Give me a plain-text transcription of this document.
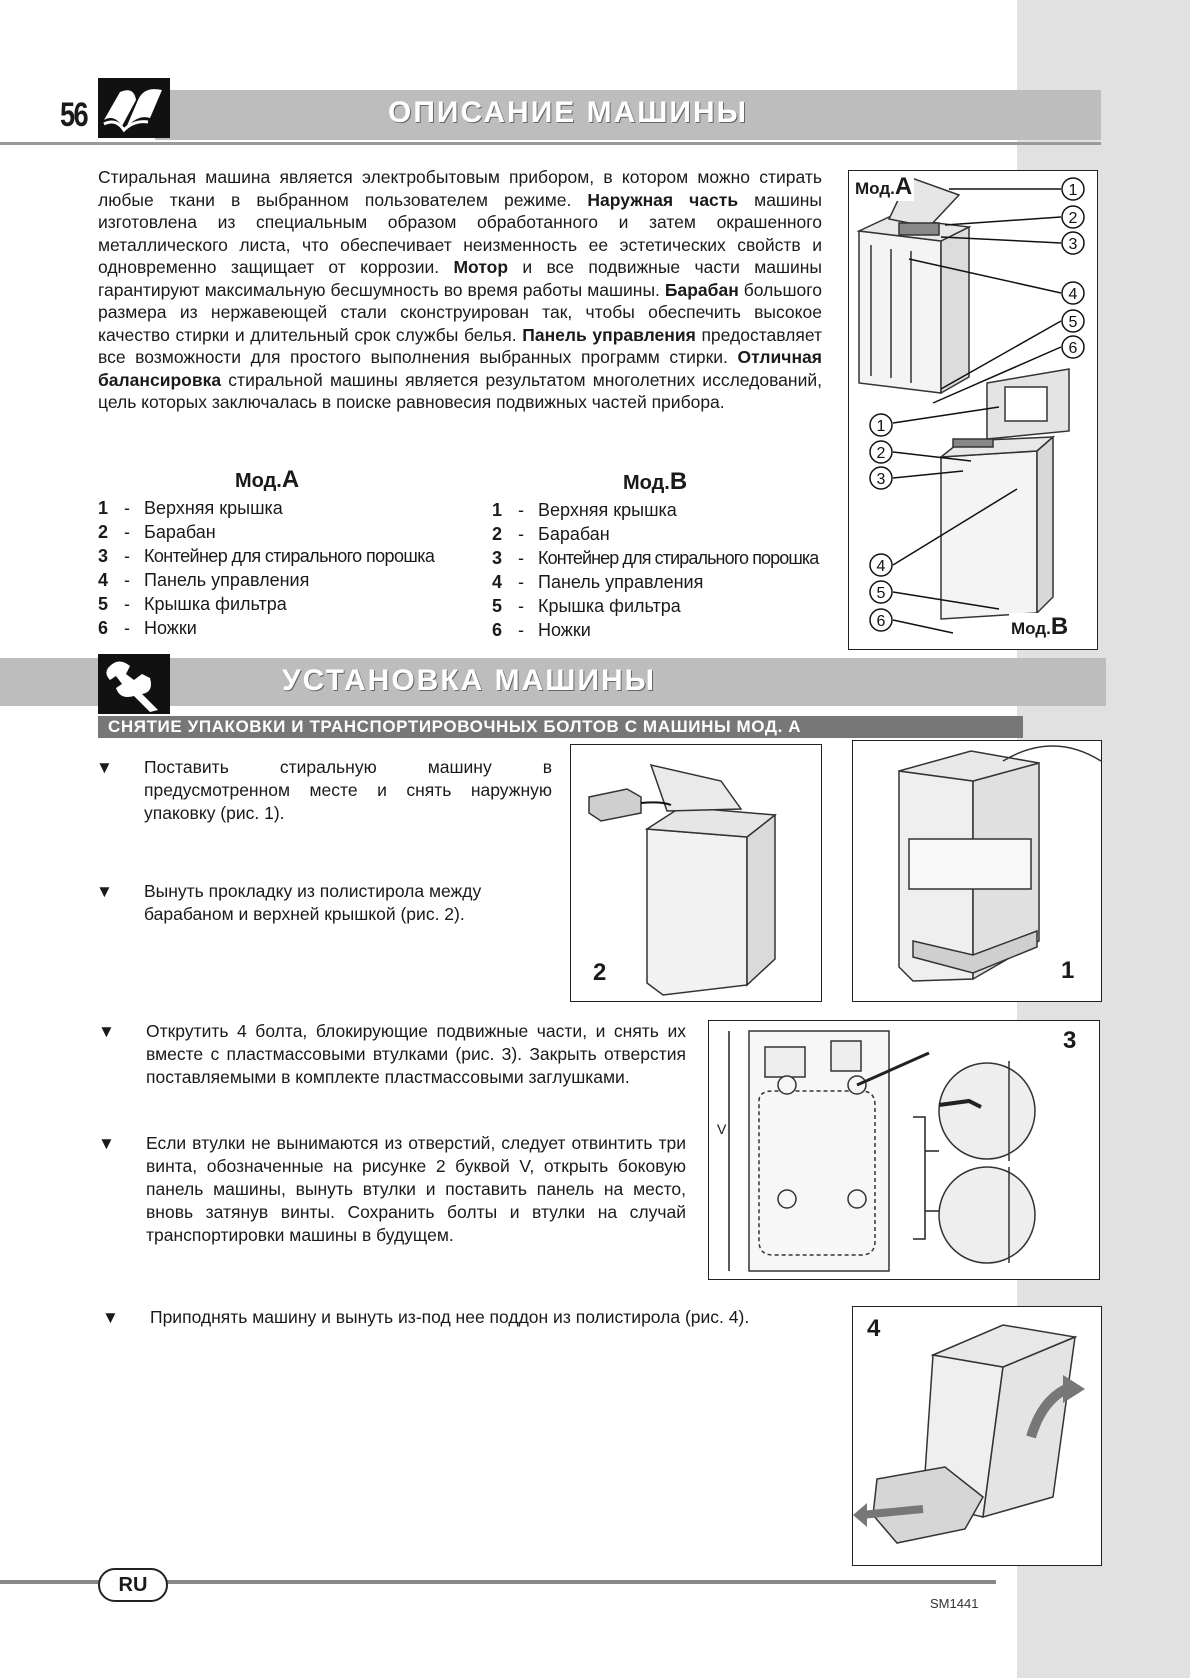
56	ОПИСАНИЕ МАШИНЫ
Стиральная машина является электробытовым прибором, в котором можно стирать любые ткани в выбранном пользователем режиме. Наружная часть машины изготовлена из специальным образом обработанного и затем окрашенного металлического листа, что обеспечивает неизменность ее эстетических свойств и одновременно защищает от коррозии. Мотор и все подвижные части машины гарантируют максимальную бесшумность во время работы машины. Барабан большого размера из нержавеющей стали сконструирован так, чтобы обеспечить высокое качество стирки и длительный срок службы белья. Панель управления предоставляет все возможности для простого выполнения выбранных программ стирки. Отличная балансировка стиральной машины является результатом многолетних исследований, цель которых заключалась в поиске равновесия подвижных частей прибора.
Мод.A
1 - Верхняя крышка
2 - Барабан
3 - Контейнер для стирального порошка
4 - Панель управления
5 - Крышка фильтра
6 - Ножки
Мод.B
1 - Верхняя крышка
2 - Барабан
3 - Контейнер для стирального порошка
4 - Панель управления
5 - Крышка фильтра
6 - Ножки
1
2
3
4
5
6
1
2
3
4
5
6
Мод.A
Мод.B
УСТАНОВКА МАШИНЫ
СНЯТИЕ УПАКОВКИ И ТРАНСПОРТИРОВОЧНЫХ БОЛТОВ С МАШИНЫ МОД. A
▼ Поставить стиральную машину в предусмотренном месте и снять наружную упаковку (рис. 1).
▼ Вынуть прокладку из полистирола между барабаном и верхней крышкой (рис. 2).
▼ Открутить 4 болта, блокирующие подвижные части, и снять их вместе с пластмассовыми втулками (рис. 3). Закрыть отверстия поставляемыми в комплекте пластмассовыми заглушками.
▼ Если втулки не вынимаются из отверстий, следует отвинтить три винта, обозначенные на рисунке 2 буквой V, открыть боковую панель машины, вынуть втулки и поставить панель на место, вновь затянув винты. Сохранить болты и втулки на случай транспортировки машины в будущем.
▼ Приподнять машину и вынуть из-под нее поддон из полистирола (рис. 4).
2	1
V
3
4
RU
SM1441
